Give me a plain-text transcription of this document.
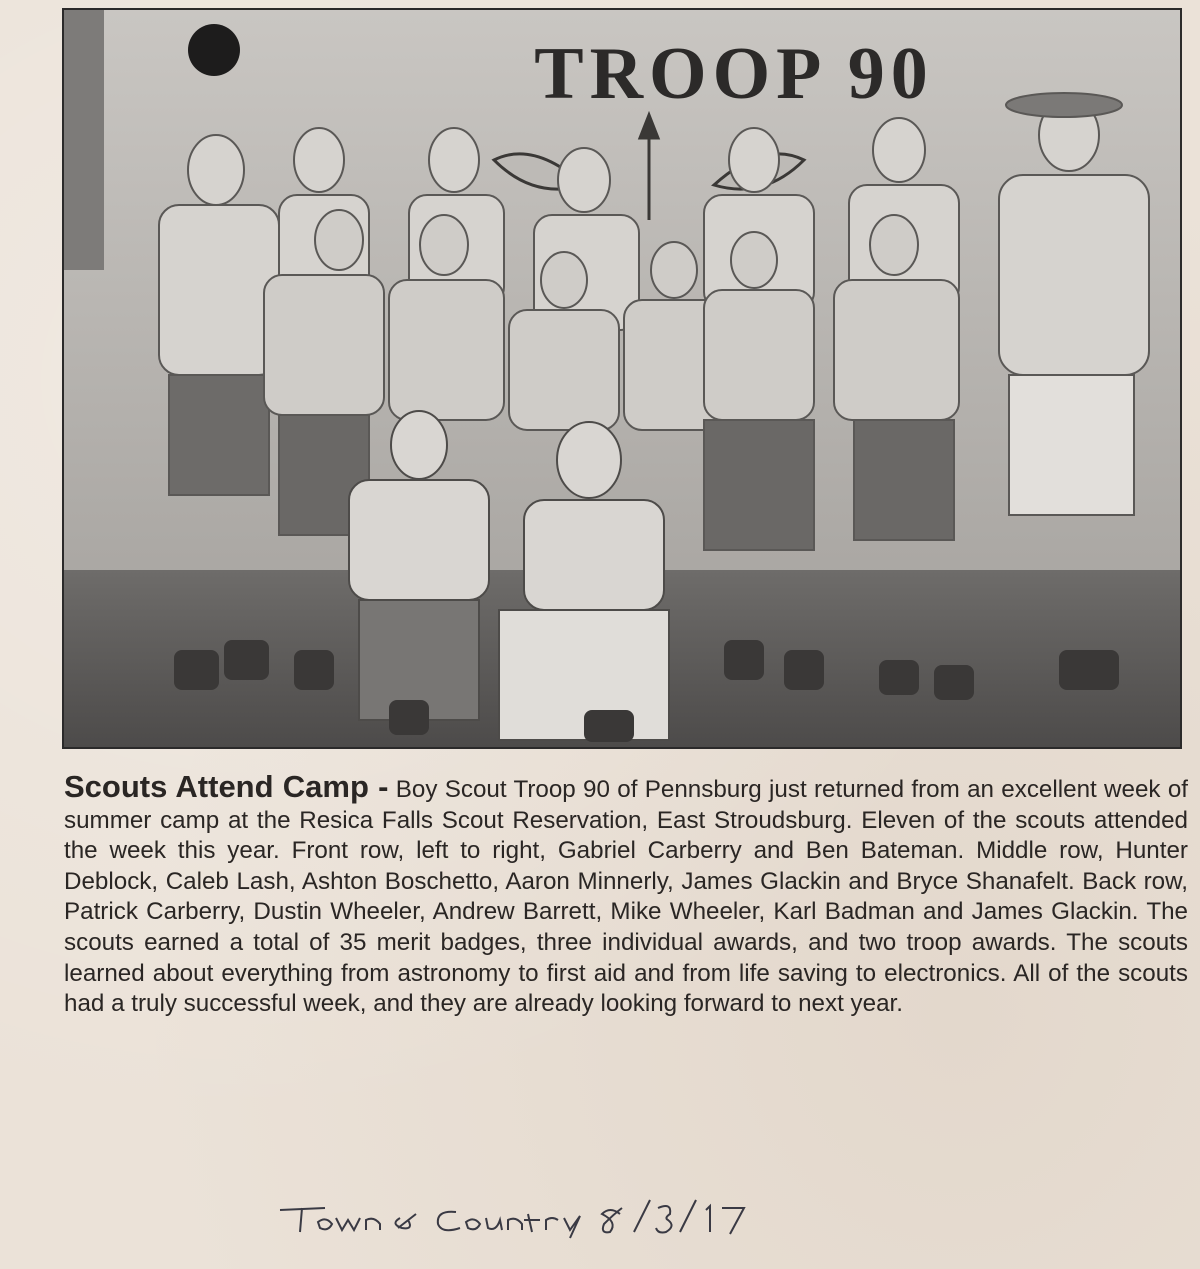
TROOP 90
Scouts Attend Camp - Boy Scout Troop 90 of Pennsburg just returned from an excellent week of summer camp at the Resica Falls Scout Reservation, East Stroudsburg. Eleven of the scouts attended the week this year. Front row, left to right, Gabriel Carberry and Ben Bateman. Middle row, Hunter Deblock, Caleb Lash, Ashton Boschetto, Aaron Minnerly, James Glackin and Bryce Shanafelt. Back row, Patrick Carberry, Dustin Wheeler, Andrew Barrett, Mike Wheeler, Karl Badman and James Glackin. The scouts earned a total of 35 merit badges, three individual awards, and two troop awards. The scouts learned about everything from astronomy to first aid and from life saving to electronics. All of the scouts had a truly successful week, and they are already looking forward to next year.
